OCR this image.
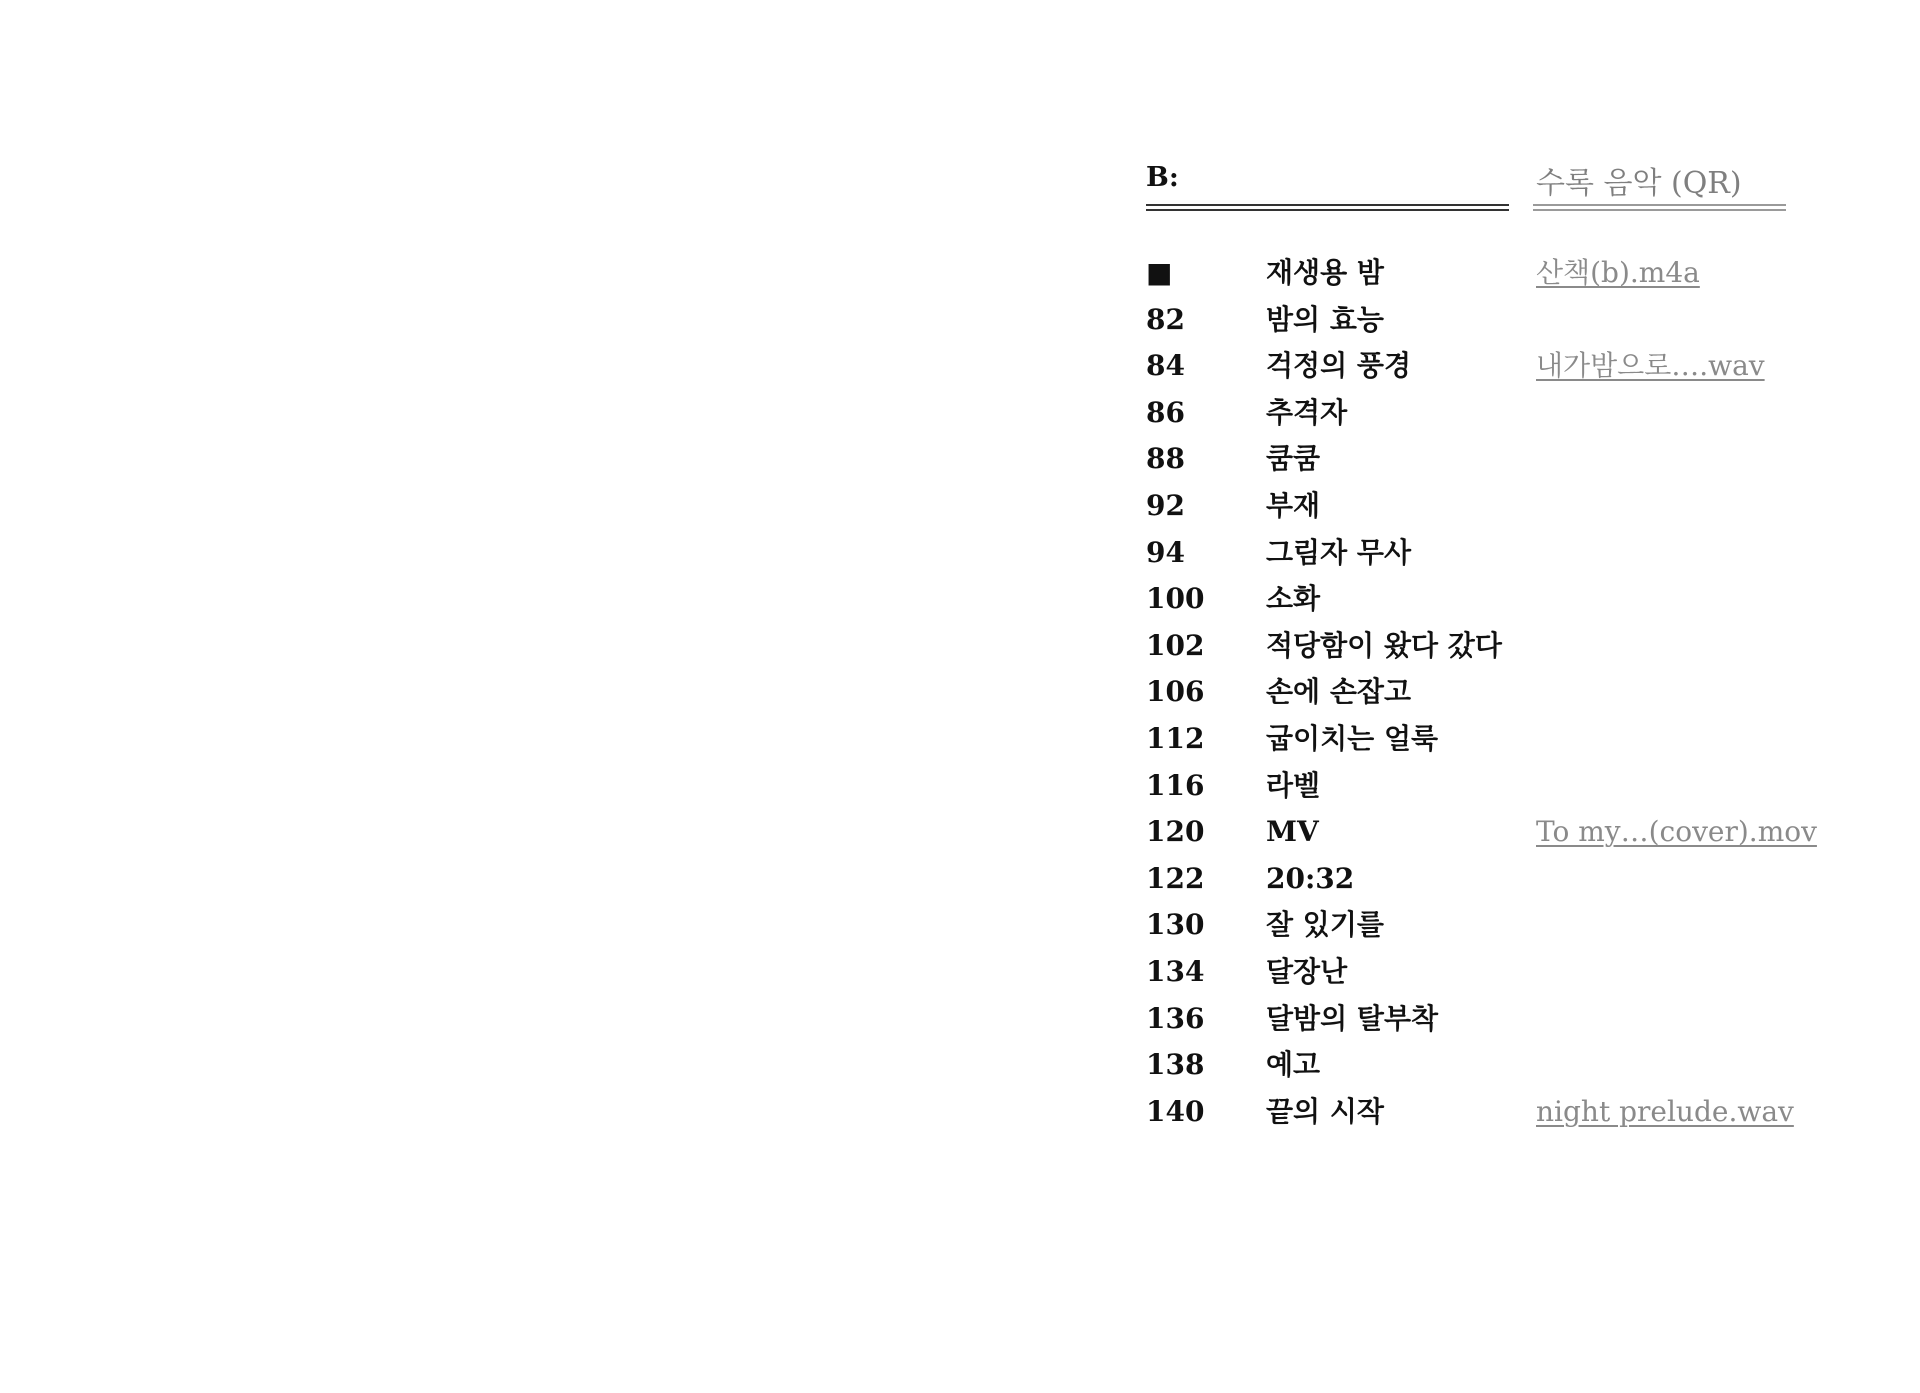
B:	수록 음악 (QR)
■	재생용 밤	산책(b).m4a
82	밤의 효능
84	걱정의 풍경	내가밤으로….wav
86	추격자
88	쿰쿰
92	부재
94	그림자 무사
100 소화
102 적당함이 왔다 갔다
106 손에 손잡고
112 굽이치는 얼룩
116 라벨
120 MV	To my…(cover).mov
122 20:32
130 잘 있기를
134 달장난
136 달밤의 탈부착
138 예고
140 끝의 시작	night prelude.wav
